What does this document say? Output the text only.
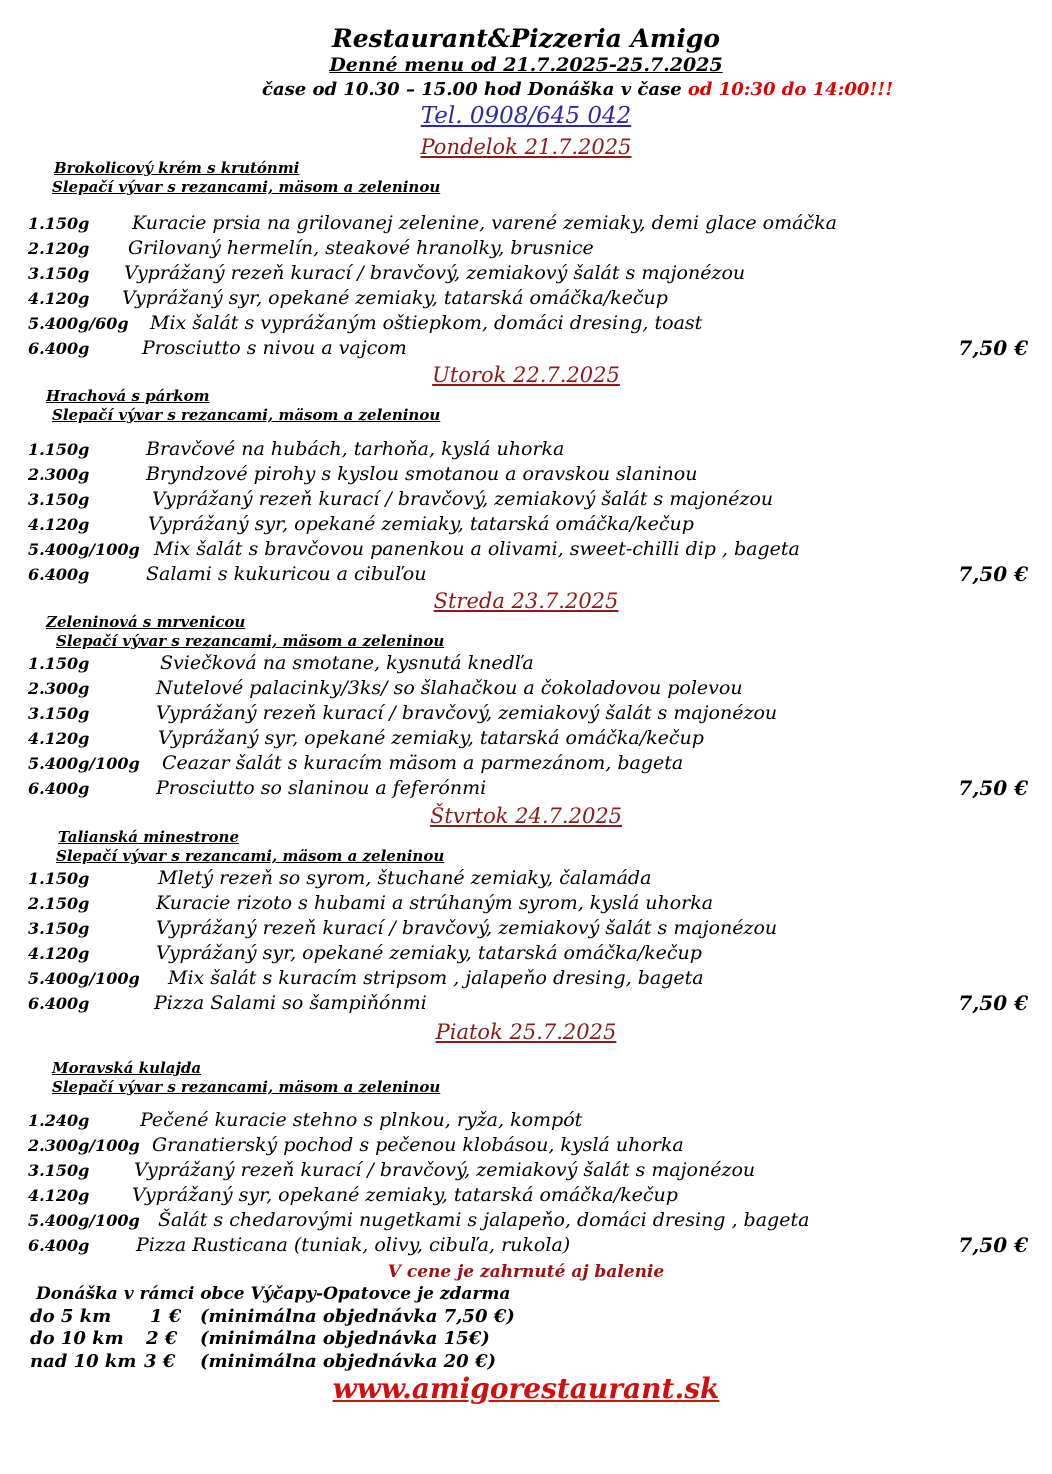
Restaurant&Pizzeria Amigo
Denné menu od 21.7.2025-25.7.2025
čase od 10.30 – 15.00 hod Donáška v čase od 10:30 do 14:00!!!
Tel. 0908/645 042
Pondelok 21.7.2025
Brokolicový krém s krutónmi
Slepačí vývar s rezancami, mäsom a zeleninou
1.150g Kuracie prsia na grilovanej zelenine, varené zemiaky, demi glace omáčka
2.120g Grilovaný hermelín, steakové hranolky, brusnice
3.150g Vyprážaný rezeň kurací / bravčový, zemiakový šalát s majonézou
4.120g Vyprážaný syr, opekané zemiaky, tatarská omáčka/kečup
5.400g/60g Mix šalát s vyprážaným oštiepkom, domáci dresing, toast
6.400g	Prosciutto s nivou a vajcom	7,50 €
Utorok 22.7.2025
Hrachová s párkom
Slepačí vývar s rezancami, mäsom a zeleninou
1.150g	Bravčové na hubách, tarhoňa, kyslá uhorka
2.300g	Bryndzové pirohy s kyslou smotanou a oravskou slaninou
3.150g	Vyprážaný rezeň kurací / bravčový, zemiakový šalát s majonézou
4.120g	Vyprážaný syr, opekané zemiaky, tatarská omáčka/kečup
5.400g/100g Mix šalát s bravčovou panenkou a olivami, sweet-chilli dip , bageta
6.400g	Salami s kukuricou a cibuľou	7,50 €
Streda 23.7.2025
Zeleninová s mrvenicou
Slepačí vývar s rezancami, mäsom a zeleninou
1.150g	Sviečková na smotane, kysnutá knedľa
2.300g	Nutelové palacinky/3ks/ so šlahačkou a čokoladovou polevou
3.150g	Vyprážaný rezeň kurací / bravčový, zemiakový šalát s majonézou
4.120g	Vyprážaný syr, opekané zemiaky, tatarská omáčka/kečup
5.400g/100g Ceazar šalát s kuracím mäsom a parmezánom, bageta
6.400g	Prosciutto so slaninou a feferónmi	7,50 €
Štvrtok 24.7.2025
Talianská minestrone
Slepačí vývar s rezancami, mäsom a zeleninou
1.150g	Mletý rezeň so syrom, štuchané zemiaky, čalamáda
2.150g	Kuracie rizoto s hubami a strúhaným syrom, kyslá uhorka
3.150g	Vyprážaný rezeň kurací / bravčový, zemiakový šalát s majonézou
4.120g	Vyprážaný syr, opekané zemiaky, tatarská omáčka/kečup
5.400g/100g Mix šalát s kuracím stripsom , jalapeňo dresing, bageta
6.400g	Pizza Salami so šampiňónmi	7,50 €
Piatok 25.7.2025
Moravská kulajda
Slepačí vývar s rezancami, mäsom a zeleninou
1.240g	Pečené kuracie stehno s plnkou, ryža, kompót
2.300g/100g Granatierský pochod s pečenou klobásou, kyslá uhorka
3.150g Vyprážaný rezeň kurací / bravčový, zemiakový šalát s majonézou
4.120g Vyprážaný syr, opekané zemiaky, tatarská omáčka/kečup
5.400g/100g Šalát s chedarovými nugetkami s jalapeňo, domáci dresing , bageta
6.400g Pizza Rusticana (tuniak, olivy, cibuľa, rukola)	7,50 €
V cene je zahrnuté aj balenie
Donáška v rámci obce Výčapy-Opatovce je zdarma
do 5 km 1 € (minimálna objednávka 7,50 €)
do 10 km 2 € (minimálna objednávka 15€)
nad 10 km 3 € (minimálna objednávka 20 €)
www.amigorestaurant.sk
